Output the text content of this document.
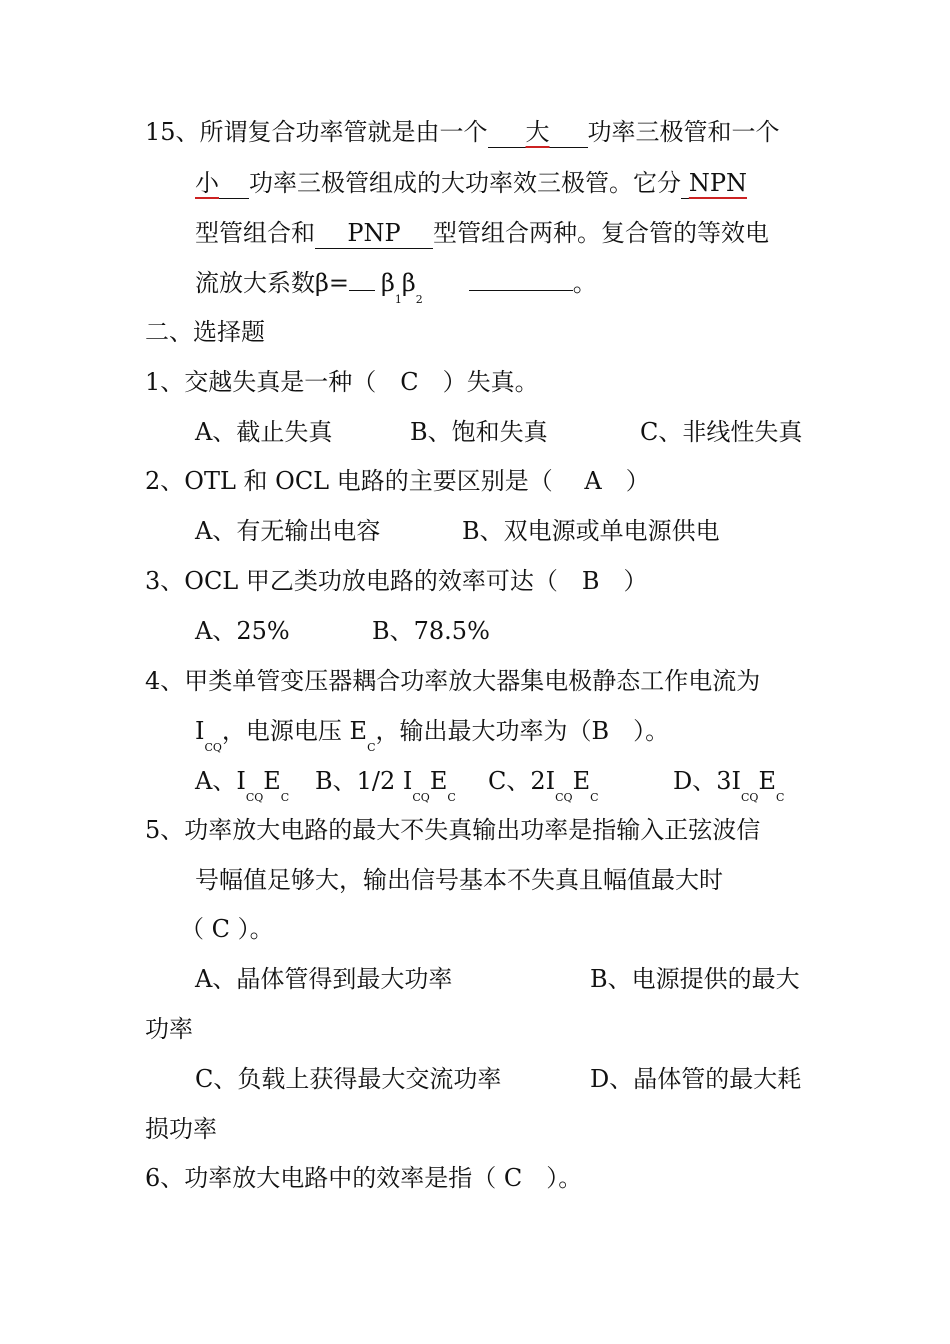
15、所谓复合功率管就是由一个 大 功率三极管和一个
小 功率三极管组成的大功率效三极管。它分 NPN
型管组合和 PNP 型管组合两种。复合管的等效电
流放大系数$\beta= \beta_1\beta_2$。
二、选择题
1、交越失真是一种（　C　）失真。
A、截止失真	B、饱和失真	C、非线性失真
2、OTL 和 OCL 电路的主要区别是（　 A　）
A、有无输出电容	B、双电源或单电源供电
3、OCL 甲乙类功放电路的效率可达（　B　）
A、25%	B、78.5%
4、甲类单管变压器耦合功率放大器集电极静态工作电流为
$I_{CQ}$，电源电压 $E_C$，输出最大功率为（B　）。
A、$I_{CQ}E_C$
B、1/2 $I_{CQ}E_C$
C、$2I_{CQ}E_C$
D、$3I_{CQ}E_C$
5、功率放大电路的最大不失真输出功率是指输入正弦波信
号幅值足够大，输出信号基本不失真且幅值最大时
（ C ）。
A、晶体管得到最大功率	B、电源提供的最大
功率
C、负载上获得最大交流功率	D、晶体管的最大耗
损功率
6、功率放大电路中的效率是指（ C　）。
